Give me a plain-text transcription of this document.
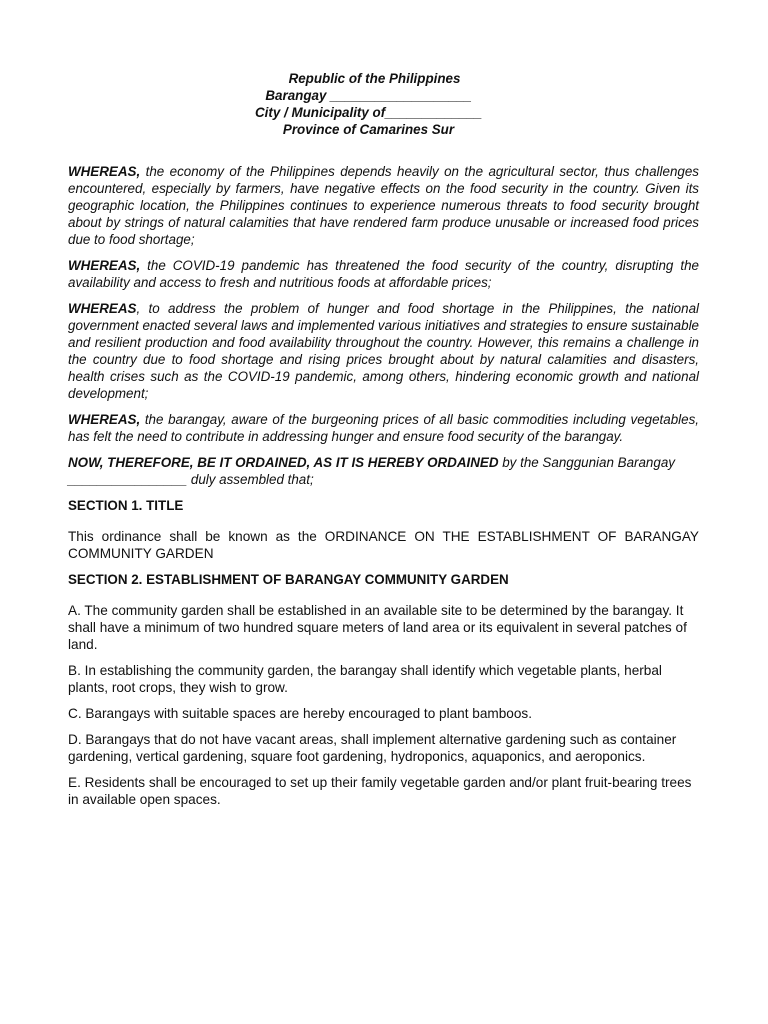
Republic of the Philippines
Barangay ___________________
City / Municipality of_____________
Province of Camarines Sur

WHEREAS, the economy of the Philippines depends heavily on the agricultural sector, thus challenges encountered, especially by farmers, have negative effects on the food security in the country. Given its geographic location, the Philippines continues to experience numerous threats to food security brought about by strings of natural calamities that have rendered farm produce unusable or increased food prices due to food shortage;

WHEREAS, the COVID-19 pandemic has threatened the food security of the country, disrupting the availability and access to fresh and nutritious foods at affordable prices;

WHEREAS, to address the problem of hunger and food shortage in the Philippines, the national government enacted several laws and implemented various initiatives and strategies to ensure sustainable and resilient production and food availability throughout the country. However, this remains a challenge in the country due to food shortage and rising prices brought about by natural calamities and disasters, health crises such as the COVID-19 pandemic, among others, hindering economic growth and national development;

WHEREAS, the barangay, aware of the burgeoning prices of all basic commodities including vegetables, has felt the need to contribute in addressing hunger and ensure food security of the barangay.

NOW, THEREFORE, BE IT ORDAINED, AS IT IS HEREBY ORDAINED by the Sanggunian Barangay ________________ duly assembled that;

SECTION 1. TITLE

This ordinance shall be known as the ORDINANCE ON THE ESTABLISHMENT OF BARANGAY COMMUNITY GARDEN

SECTION 2. ESTABLISHMENT OF BARANGAY COMMUNITY GARDEN

A. The community garden shall be established in an available site to be determined by the barangay. It shall have a minimum of two hundred square meters of land area or its equivalent in several patches of land.

B. In establishing the community garden, the barangay shall identify which vegetable plants, herbal plants, root crops, they wish to grow.

C. Barangays with suitable spaces are hereby encouraged to plant bamboos.

D. Barangays that do not have vacant areas, shall implement alternative gardening such as container gardening, vertical gardening, square foot gardening, hydroponics, aquaponics, and aeroponics.

E. Residents shall be encouraged to set up their family vegetable garden and/or plant fruit-bearing trees in available open spaces.
